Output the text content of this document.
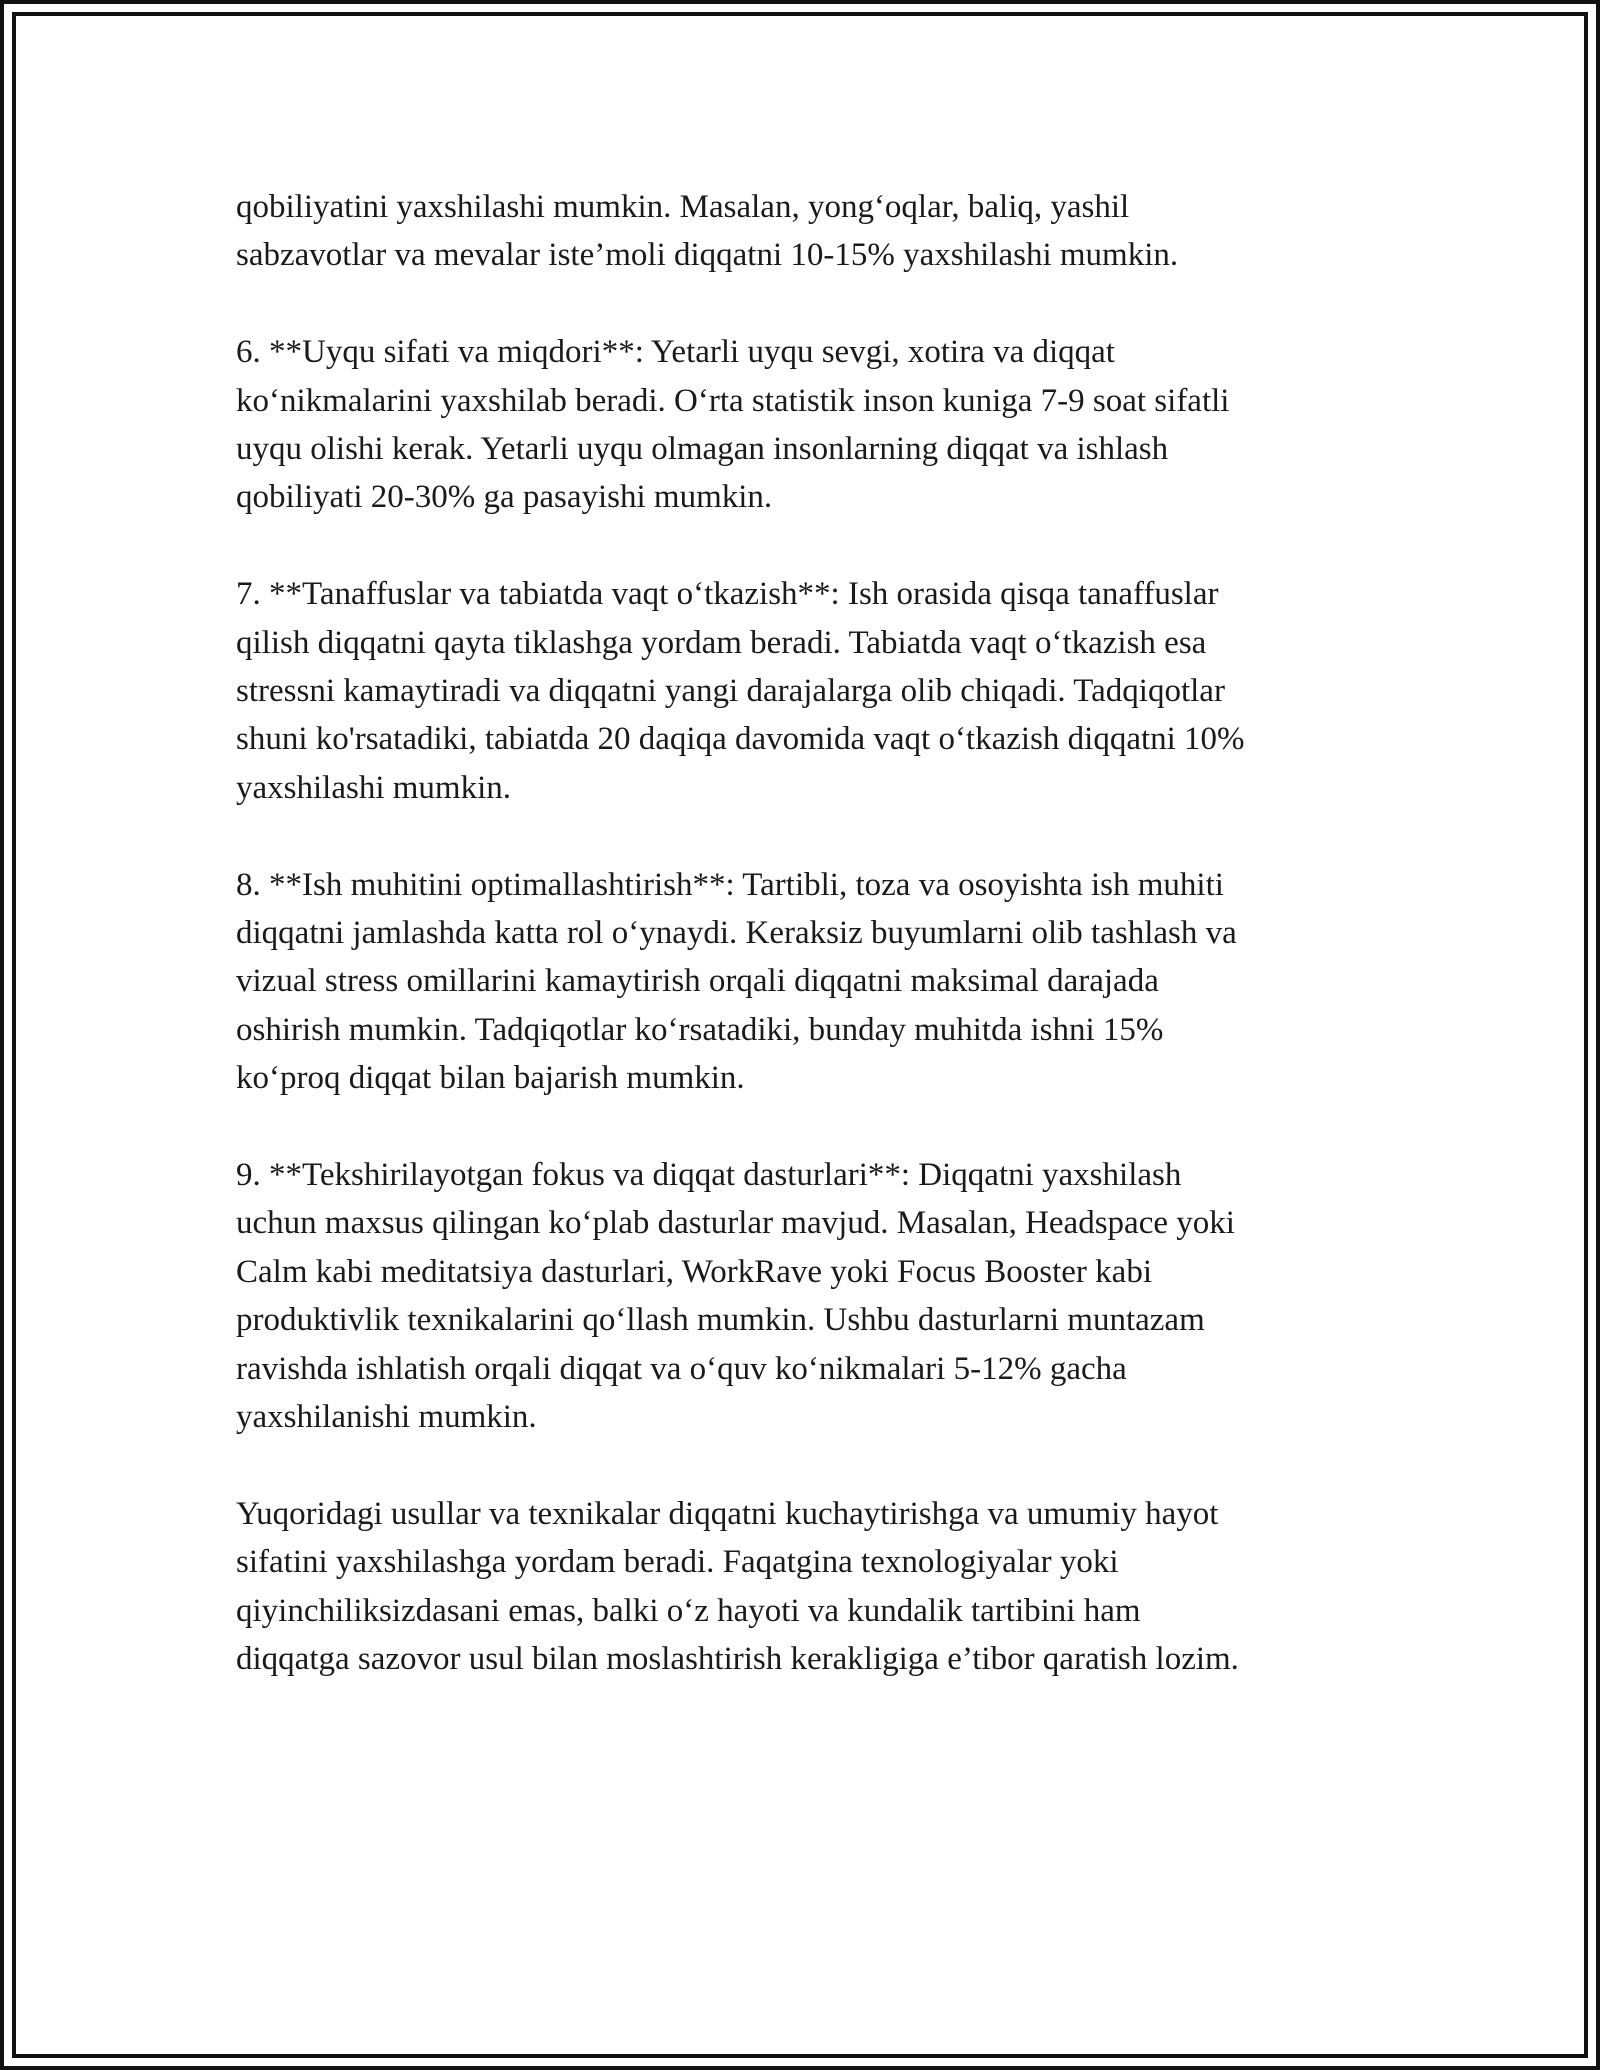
qobiliyatini yaxshilashi mumkin. Masalan, yong‘oqlar, baliq, yashil
sabzavotlar va mevalar iste’moli diqqatni 10-15% yaxshilashi mumkin.

6. **Uyqu sifati va miqdori**: Yetarli uyqu sevgi, xotira va diqqat
ko‘nikmalarini yaxshilab beradi. O‘rta statistik inson kuniga 7-9 soat sifatli
uyqu olishi kerak. Yetarli uyqu olmagan insonlarning diqqat va ishlash
qobiliyati 20-30% ga pasayishi mumkin.

7. **Tanaffuslar va tabiatda vaqt o‘tkazish**: Ish orasida qisqa tanaffuslar
qilish diqqatni qayta tiklashga yordam beradi. Tabiatda vaqt o‘tkazish esa
stressni kamaytiradi va diqqatni yangi darajalarga olib chiqadi. Tadqiqotlar
shuni ko'rsatadiki, tabiatda 20 daqiqa davomida vaqt o‘tkazish diqqatni 10%
yaxshilashi mumkin.

8. **Ish muhitini optimallashtirish**: Tartibli, toza va osoyishta ish muhiti
diqqatni jamlashda katta rol o‘ynaydi. Keraksiz buyumlarni olib tashlash va
vizual stress omillarini kamaytirish orqali diqqatni maksimal darajada
oshirish mumkin. Tadqiqotlar ko‘rsatadiki, bunday muhitda ishni 15%
ko‘proq diqqat bilan bajarish mumkin.

9. **Tekshirilayotgan fokus va diqqat dasturlari**: Diqqatni yaxshilash
uchun maxsus qilingan ko‘plab dasturlar mavjud. Masalan, Headspace yoki
Calm kabi meditatsiya dasturlari, WorkRave yoki Focus Booster kabi
produktivlik texnikalarini qo‘llash mumkin. Ushbu dasturlarni muntazam
ravishda ishlatish orqali diqqat va o‘quv ko‘nikmalari 5-12% gacha
yaxshilanishi mumkin.

Yuqoridagi usullar va texnikalar diqqatni kuchaytirishga va umumiy hayot
sifatini yaxshilashga yordam beradi. Faqatgina texnologiyalar yoki
qiyinchiliksizdasani emas, balki o‘z hayoti va kundalik tartibini ham
diqqatga sazovor usul bilan moslashtirish kerakligiga e’tibor qaratish lozim.
